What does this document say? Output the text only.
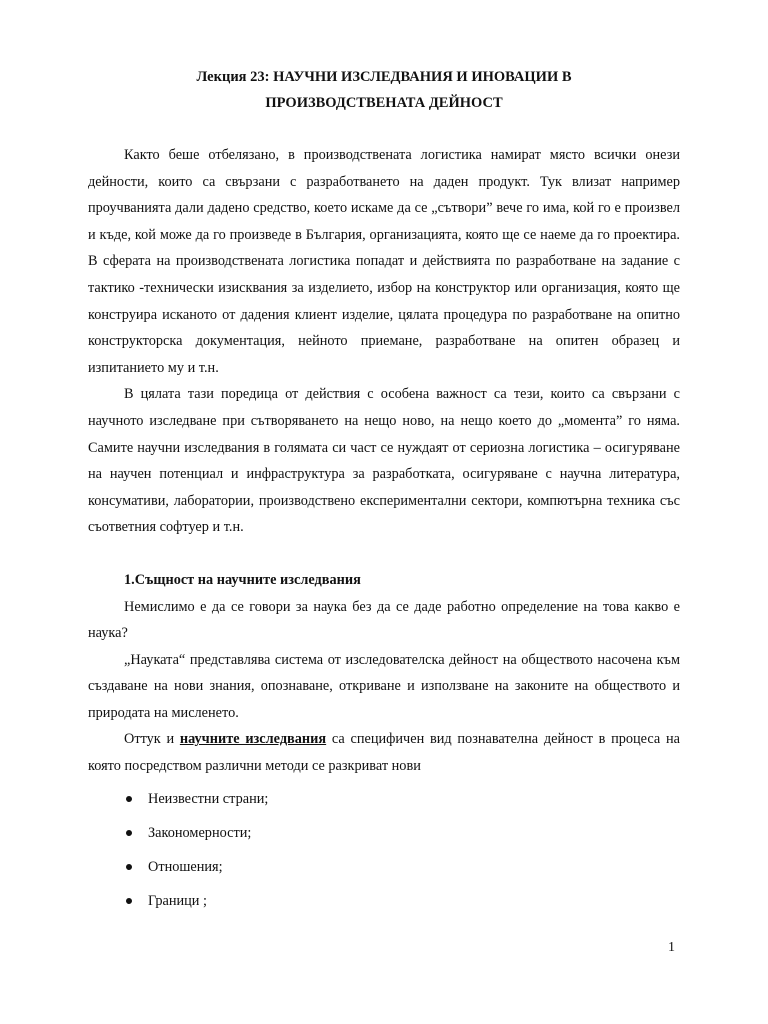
Лекция 23: НАУЧНИ ИЗСЛЕДВАНИЯ И ИНОВАЦИИ В
ПРОИЗВОДСТВЕНАТА ДЕЙНОСТ

Както беше отбелязано, в производствената логистика намират място всички онези дейности, които са свързани с разработването на даден продукт. Тук влизат например проучванията дали дадено средство, което искаме да се „сътвори” вече го има, кой го е произвел и къде, кой може да го произведе в България, организацията, която ще се наеме да го проектира. В сферата на производствената логистика попадат и действията по разработване на задание с тактико -технически изисквания за изделието, избор на конструктор или организация, която ще конструира исканото от дадения клиент изделие, цялата процедура по разработване на опитно конструкторска документация, нейното приемане, разработване на опитен образец и изпитанието му и т.н.

В цялата тази поредица от действия с особена важност са тези, които са свързани с научното изследване при сътворяването на нещо ново, на нещо което до „момента” го няма. Самите научни изследвания в голямата си част се нуждаят от сериозна логистика – осигуряване на научен потенциал и инфраструктура за разработката, осигуряване с научна литература, консумативи, лаборатории, производствено експериментални сектори, компютърна техника със съответния софтуер и т.н.

1.Същност на научните изследвания

Немислимо е да се говори за наука без да се даде работно определение на това какво е наука?

„Науката“ представлява система от изследователска дейност на обществото насочена към създаване на нови знания, опознаване, откриване и използване на законите на обществото и природата на мисленето.

Оттук и научните изследвания са специфичен вид познавателна дейност в процеса на която посредством различни методи се разкриват нови

Неизвестни страни;
Закономерности;
Отношения;
Граници ;
1
